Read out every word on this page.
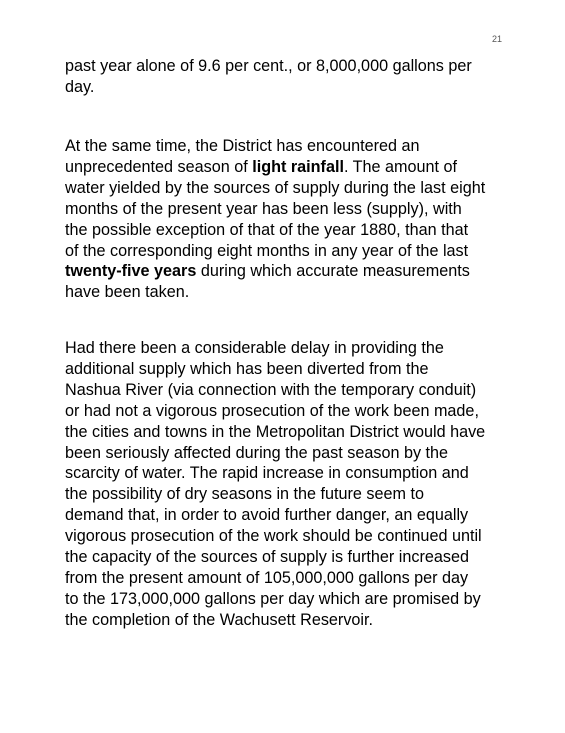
21

past year alone of 9.6 per cent., or 8,000,000 gallons per
day.

At the same time, the District has encountered an
unprecedented season of light rainfall. The amount of
water yielded by the sources of supply during the last eight
months of the present year has been less (supply), with
the possible exception of that of the year 1880, than that
of the corresponding eight months in any year of the last
twenty-five years during which accurate measurements
have been taken.

Had there been a considerable delay in providing the
additional supply which has been diverted from the
Nashua River (via connection with the temporary conduit)
or had not a vigorous prosecution of the work been made,
the cities and towns in the Metropolitan District would have
been seriously affected during the past season by the
scarcity of water. The rapid increase in consumption and
the possibility of dry seasons in the future seem to
demand that, in order to avoid further danger, an equally
vigorous prosecution of the work should be continued until
the capacity of the sources of supply is further increased
from the present amount of 105,000,000 gallons per day
to the 173,000,000 gallons per day which are promised by
the completion of the Wachusett Reservoir.
